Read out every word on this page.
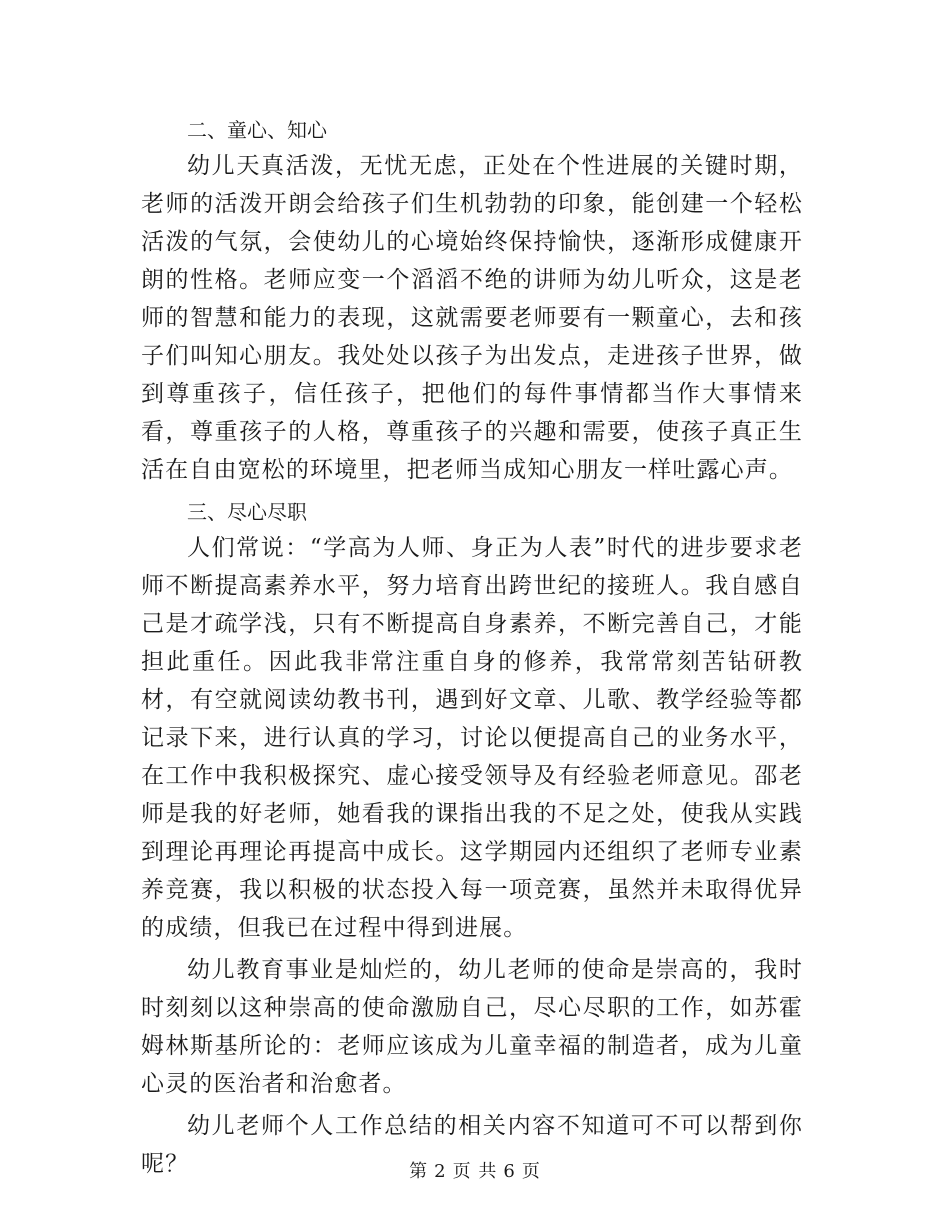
二、童心、知心

幼儿天真活泼，无忧无虑，正处在个性进展的关键时期，老师的活泼开朗会给孩子们生机勃勃的印象，能创建一个轻松活泼的气氛，会使幼儿的心境始终保持愉快，逐渐形成健康开朗的性格。老师应变一个滔滔不绝的讲师为幼儿听众，这是老师的智慧和能力的表现，这就需要老师要有一颗童心，去和孩子们叫知心朋友。我处处以孩子为出发点，走进孩子世界，做到尊重孩子，信任孩子，把他们的每件事情都当作大事情来看，尊重孩子的人格，尊重孩子的兴趣和需要，使孩子真正生活在自由宽松的环境里，把老师当成知心朋友一样吐露心声。

三、尽心尽职

人们常说：“学高为人师、身正为人表”时代的进步要求老师不断提高素养水平，努力培育出跨世纪的接班人。我自感自己是才疏学浅，只有不断提高自身素养，不断完善自己，才能担此重任。因此我非常注重自身的修养，我常常刻苦钻研教材，有空就阅读幼教书刊，遇到好文章、儿歌、教学经验等都记录下来，进行认真的学习，讨论以便提高自己的业务水平，在工作中我积极探究、虚心接受领导及有经验老师意见。邵老师是我的好老师，她看我的课指出我的不足之处，使我从实践到理论再理论再提高中成长。这学期园内还组织了老师专业素养竞赛，我以积极的状态投入每一项竞赛，虽然并未取得优异的成绩，但我已在过程中得到进展。

幼儿教育事业是灿烂的，幼儿老师的使命是崇高的，我时时刻刻以这种崇高的使命激励自己，尽心尽职的工作，如苏霍姆林斯基所论的：老师应该成为儿童幸福的制造者，成为儿童心灵的医治者和治愈者。

幼儿老师个人工作总结的相关内容不知道可不可以帮到你呢？	第 2 页 共 6 页
